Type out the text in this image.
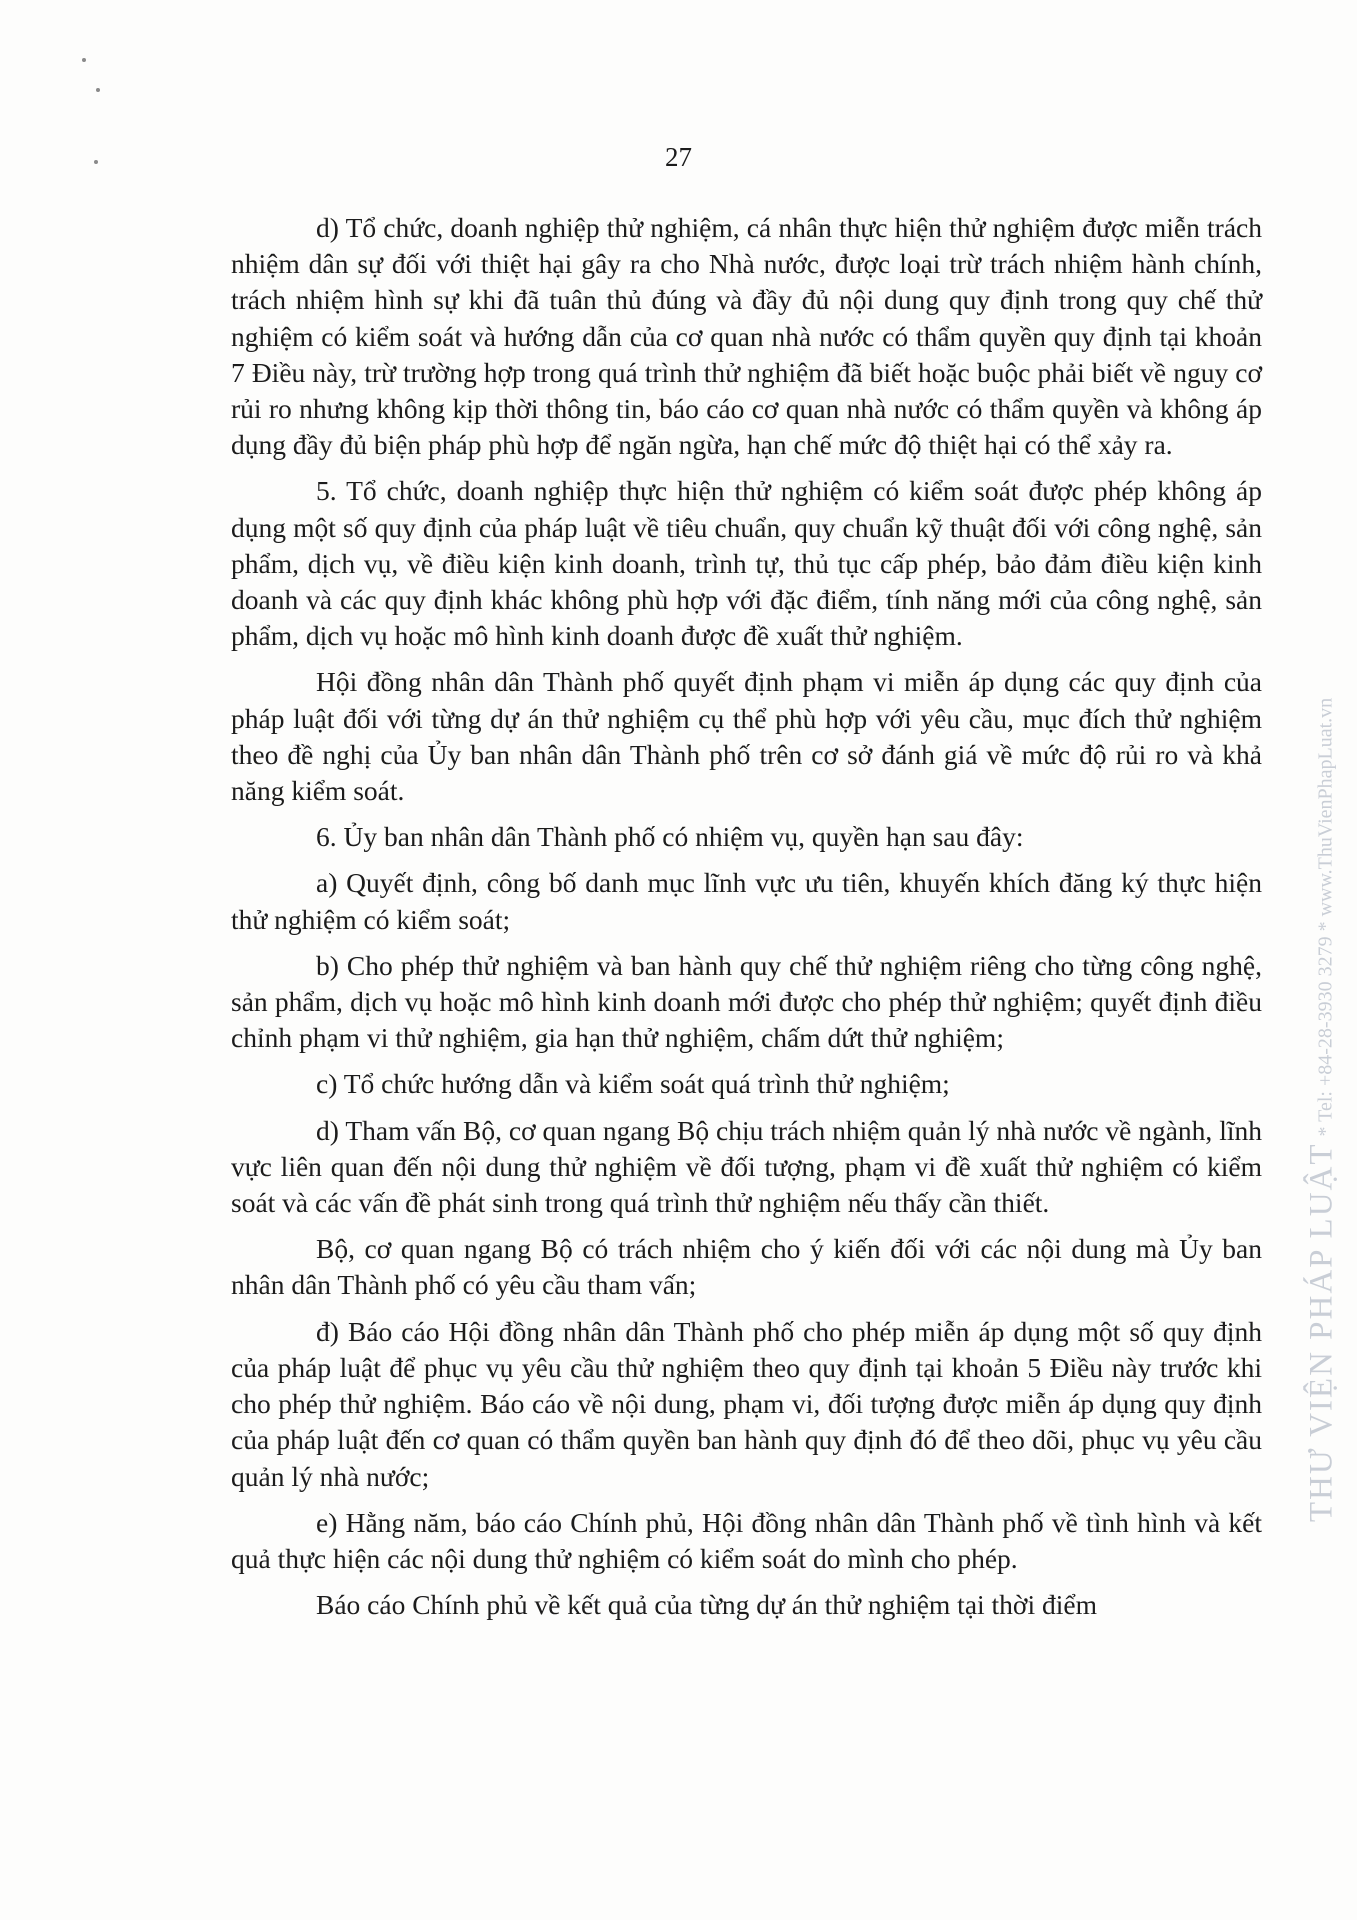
27

d) Tổ chức, doanh nghiệp thử nghiệm, cá nhân thực hiện thử nghiệm được miễn trách nhiệm dân sự đối với thiệt hại gây ra cho Nhà nước, được loại trừ trách nhiệm hành chính, trách nhiệm hình sự khi đã tuân thủ đúng và đầy đủ nội dung quy định trong quy chế thử nghiệm có kiểm soát và hướng dẫn của cơ quan nhà nước có thẩm quyền quy định tại khoản 7 Điều này, trừ trường hợp trong quá trình thử nghiệm đã biết hoặc buộc phải biết về nguy cơ rủi ro nhưng không kịp thời thông tin, báo cáo cơ quan nhà nước có thẩm quyền và không áp dụng đầy đủ biện pháp phù hợp để ngăn ngừa, hạn chế mức độ thiệt hại có thể xảy ra.

5. Tổ chức, doanh nghiệp thực hiện thử nghiệm có kiểm soát được phép không áp dụng một số quy định của pháp luật về tiêu chuẩn, quy chuẩn kỹ thuật đối với công nghệ, sản phẩm, dịch vụ, về điều kiện kinh doanh, trình tự, thủ tục cấp phép, bảo đảm điều kiện kinh doanh và các quy định khác không phù hợp với đặc điểm, tính năng mới của công nghệ, sản phẩm, dịch vụ hoặc mô hình kinh doanh được đề xuất thử nghiệm.

Hội đồng nhân dân Thành phố quyết định phạm vi miễn áp dụng các quy định của pháp luật đối với từng dự án thử nghiệm cụ thể phù hợp với yêu cầu, mục đích thử nghiệm theo đề nghị của Ủy ban nhân dân Thành phố trên cơ sở đánh giá về mức độ rủi ro và khả năng kiểm soát.

6. Ủy ban nhân dân Thành phố có nhiệm vụ, quyền hạn sau đây:

a) Quyết định, công bố danh mục lĩnh vực ưu tiên, khuyến khích đăng ký thực hiện thử nghiệm có kiểm soát;

b) Cho phép thử nghiệm và ban hành quy chế thử nghiệm riêng cho từng công nghệ, sản phẩm, dịch vụ hoặc mô hình kinh doanh mới được cho phép thử nghiệm; quyết định điều chỉnh phạm vi thử nghiệm, gia hạn thử nghiệm, chấm dứt thử nghiệm;

c) Tổ chức hướng dẫn và kiểm soát quá trình thử nghiệm;

d) Tham vấn Bộ, cơ quan ngang Bộ chịu trách nhiệm quản lý nhà nước về ngành, lĩnh vực liên quan đến nội dung thử nghiệm về đối tượng, phạm vi đề xuất thử nghiệm có kiểm soát và các vấn đề phát sinh trong quá trình thử nghiệm nếu thấy cần thiết.

Bộ, cơ quan ngang Bộ có trách nhiệm cho ý kiến đối với các nội dung mà Ủy ban nhân dân Thành phố có yêu cầu tham vấn;

đ) Báo cáo Hội đồng nhân dân Thành phố cho phép miễn áp dụng một số quy định của pháp luật để phục vụ yêu cầu thử nghiệm theo quy định tại khoản 5 Điều này trước khi cho phép thử nghiệm. Báo cáo về nội dung, phạm vi, đối tượng được miễn áp dụng quy định của pháp luật đến cơ quan có thẩm quyền ban hành quy định đó để theo dõi, phục vụ yêu cầu quản lý nhà nước;

e) Hằng năm, báo cáo Chính phủ, Hội đồng nhân dân Thành phố về tình hình và kết quả thực hiện các nội dung thử nghiệm có kiểm soát do mình cho phép.

Báo cáo Chính phủ về kết quả của từng dự án thử nghiệm tại thời điểm

THƯ VIỆN PHÁP LUẬT* Tel: +84-28-3930 3279 * www.ThuVienPhapLuat.vn
